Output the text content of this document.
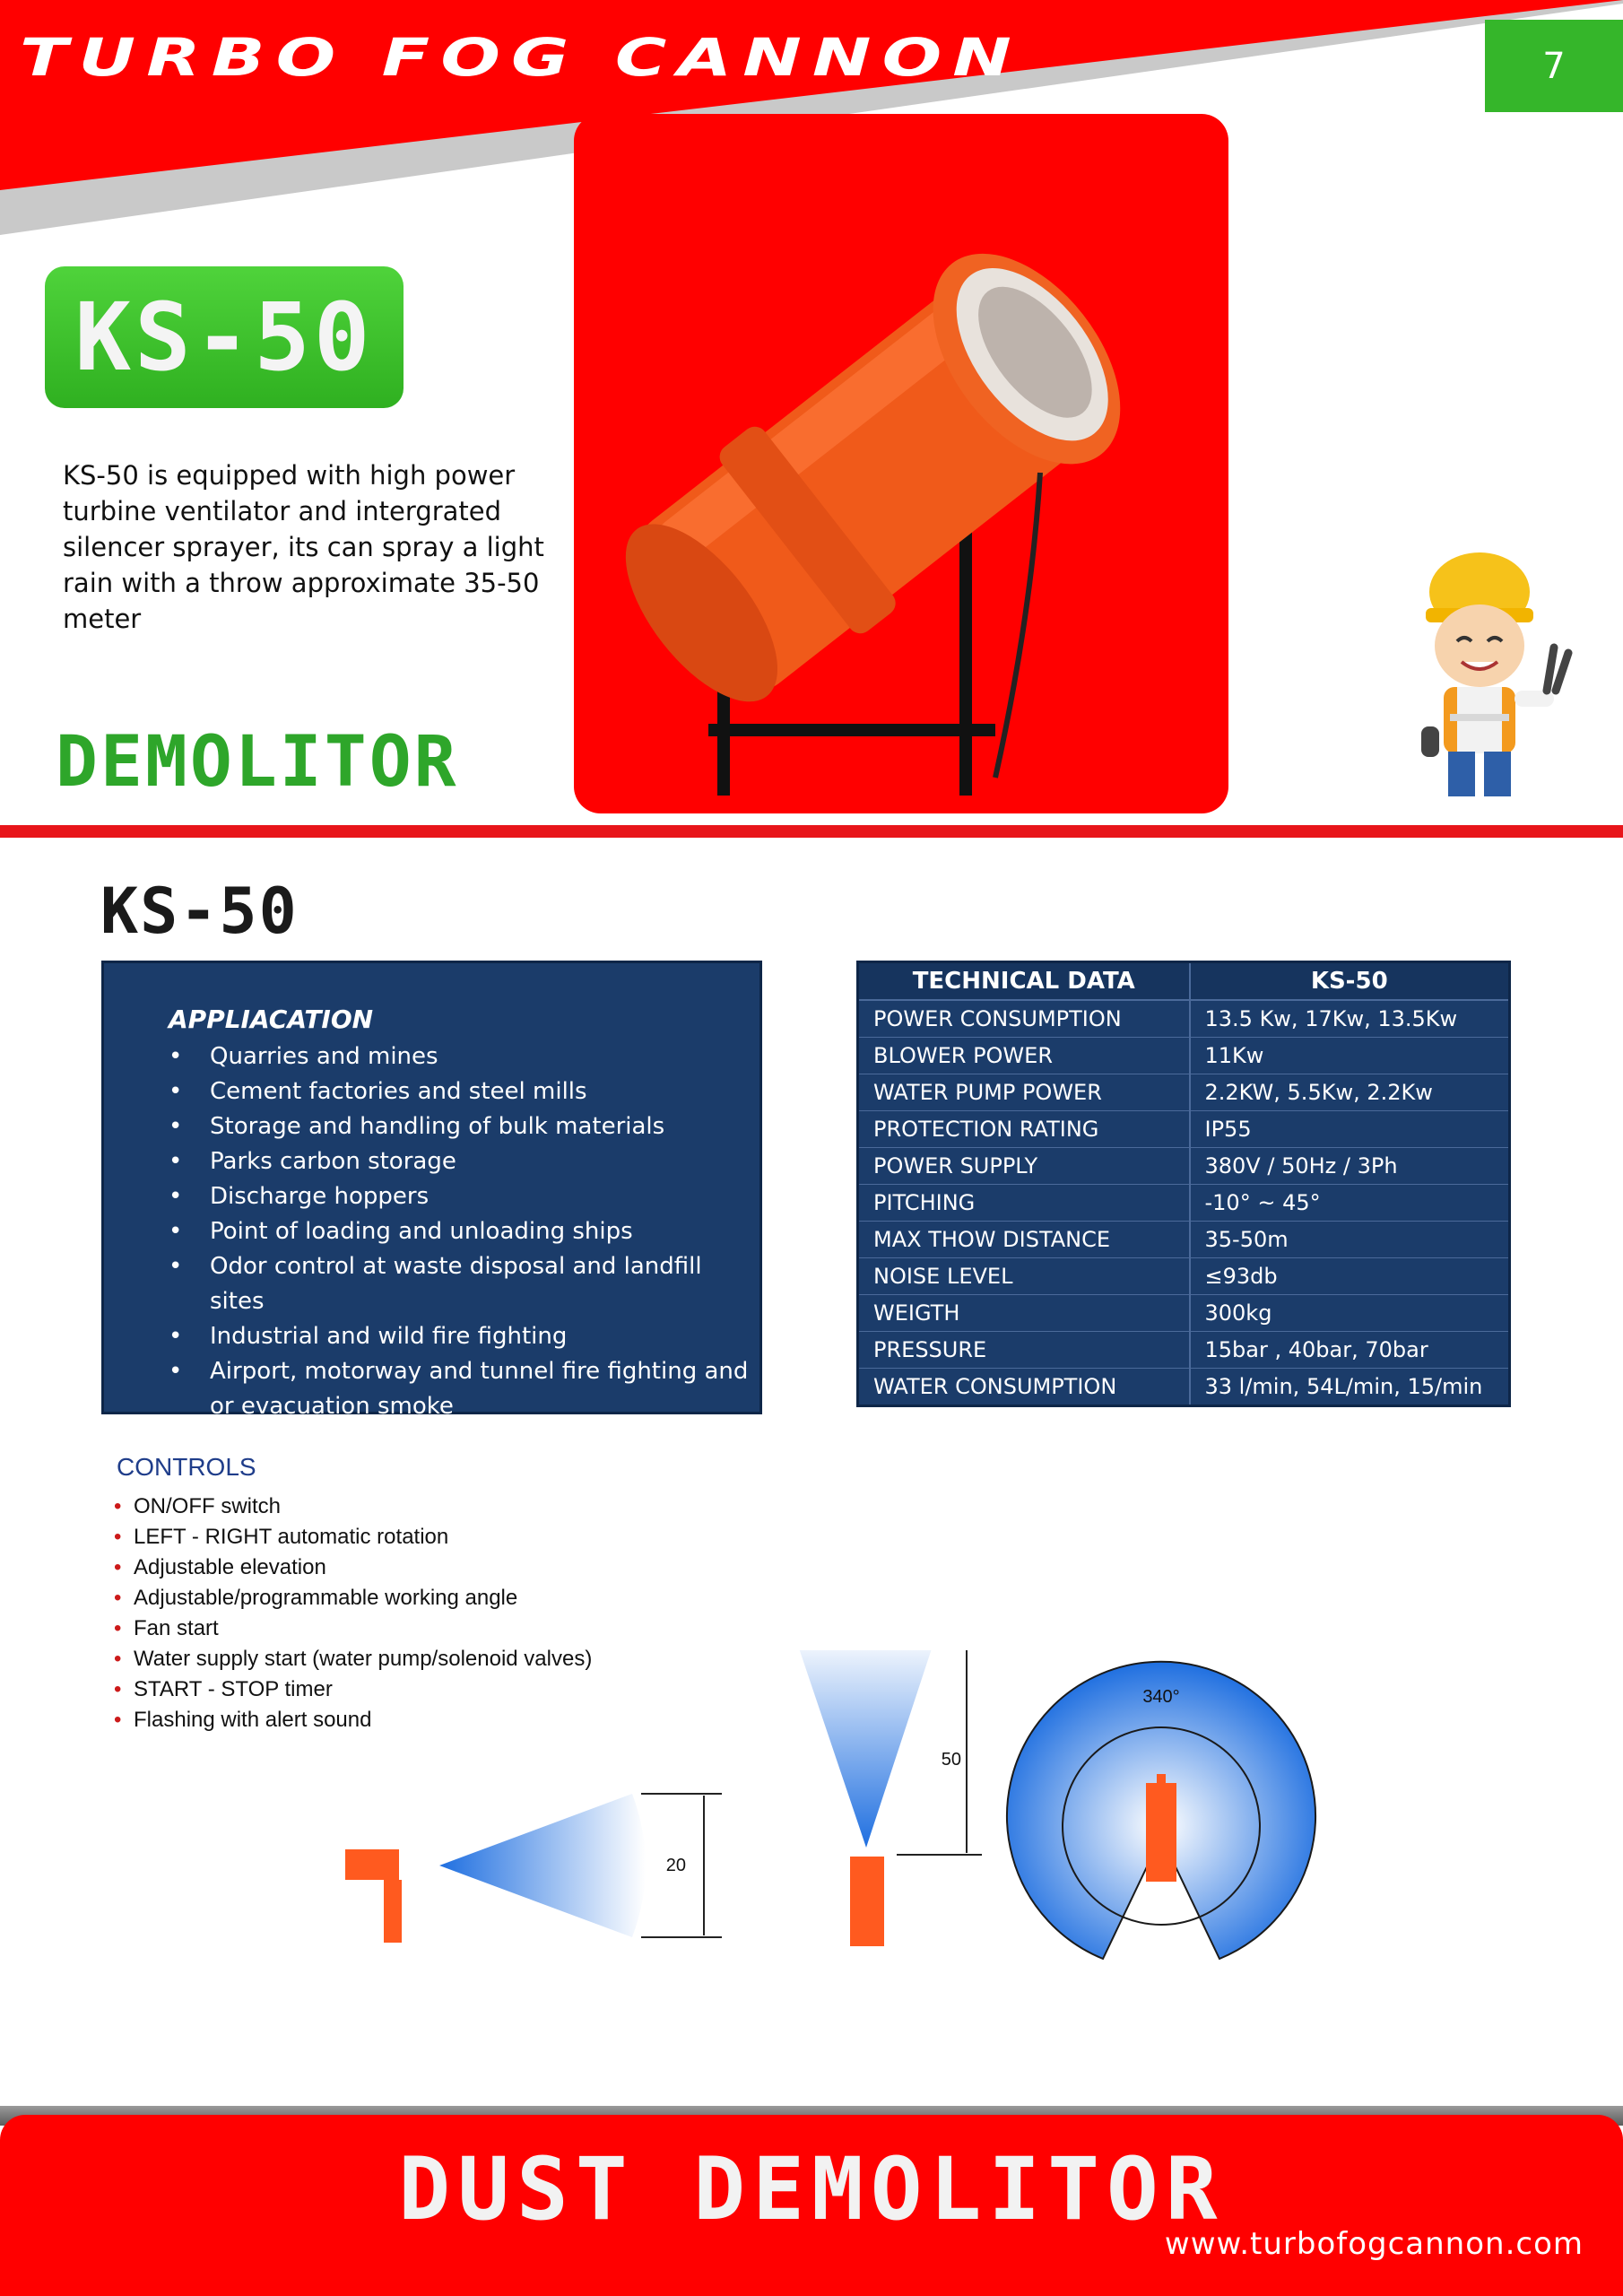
TURBO FOG CANNON	7
KS-50

KS-50 is equipped with high power turbine ventilator and intergrated silencer sprayer, its can spray a light rain with a throw approximate 35-50 meter

DEMOLITOR
KS-50
APPLIACATION
• Quarries and mines
• Cement factories and steel mills
• Storage and handling of bulk materials
• Parks carbon storage
• Discharge hoppers
• Point of loading and unloading ships
• Odor control at waste disposal and landfill sites
• Industrial and wild fire fighting
• Airport, motorway and tunnel fire fighting and or evacuation smoke
TECHNICAL DATA	KS-50
POWER CONSUMPTION	13.5 Kw, 17Kw, 13.5Kw
BLOWER POWER	11Kw
WATER PUMP POWER	2.2KW, 5.5Kw, 2.2Kw
PROTECTION RATING	IP55
POWER SUPPLY	380V / 50Hz / 3Ph
PITCHING	-10° ~ 45°
MAX THOW DISTANCE	35-50m
NOISE LEVEL	≤93db
WEIGTH	300kg
PRESSURE	15bar , 40bar, 70bar
WATER CONSUMPTION	33 l/min, 54L/min, 15/min
CONTROLS
• ON/OFF switch
• LEFT - RIGHT automatic rotation
• Adjustable elevation
• Adjustable/programmable working angle
• Fan start
• Water supply start (water pump/solenoid valves)
• START - STOP timer
• Flashing with alert sound
20
50
340°
DUST DEMOLITOR
www.turbofogcannon.com
